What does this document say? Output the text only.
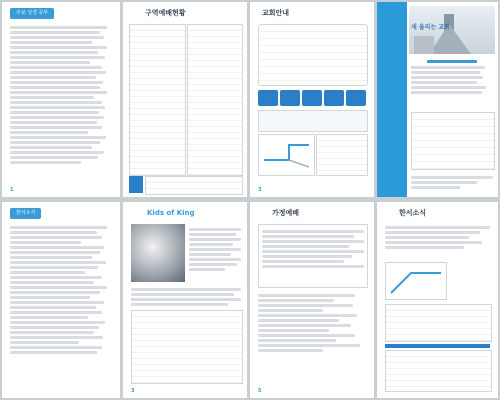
주보 성경 공부
1
구역예배현황	교회안내
3
새 울리는 교회
한서소식	Kids of King
3
가정예배
5
한서소식
